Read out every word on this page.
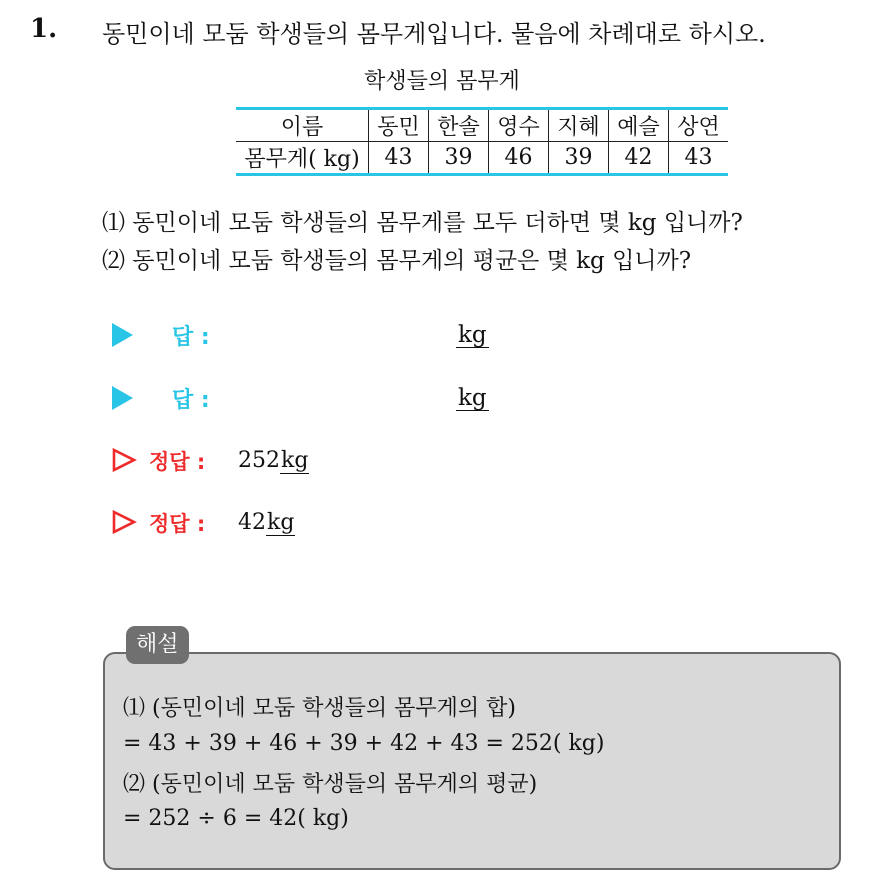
1. 동민이네 모둠 학생들의 몸무게입니다. 물음에 차례대로 하시오.
학생들의 몸무게
이름	동민	한솔	영수	지혜	예슬	상연
몸무게( kg)	43	39	46	39	42	43
⑴ 동민이네 모둠 학생들의 몸무게를 모두 더하면 몇 kg 입니까?
⑵ 동민이네 모둠 학생들의 몸무게의 평균은 몇 kg 입니까?
답 :	kg
답 :	kg
정답 : 252kg
정답 : 42kg
해설
⑴ (동민이네 모둠 학생들의 몸무게의 합)
= 43 + 39 + 46 + 39 + 42 + 43 = 252( kg)
⑵ (동민이네 모둠 학생들의 몸무게의 평균)
= 252 ÷ 6 = 42( kg)
